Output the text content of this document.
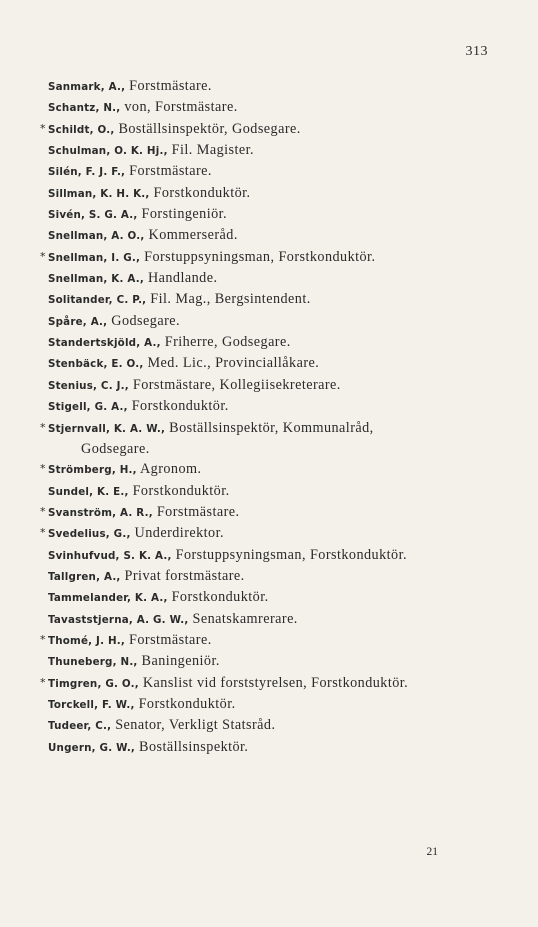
313
Sanmark, A., Forstmästare.
Schantz, N., von, Forstmästare.
* Schildt, O., Boställsinspektör, Godsegare.
Schulman, O. K. Hj., Fil. Magister.
Silén, F. J. F., Forstmästare.
Sillman, K. H. K., Forstkonduktör.
Sivén, S. G. A., Forstingeniör.
Snellman, A. O., Kommerseråd.
* Snellman, I. G., Forstuppsyningsman, Forstkonduktör.
Snellman, K. A., Handlande.
Solitander, C. P., Fil. Mag., Bergsintendent.
Spåre, A., Godsegare.
Standertskjöld, A., Friherre, Godsegare.
Stenbäck, E. O., Med. Lic., Provinciallåkare.
Stenius, C. J., Forstmästare, Kollegiisekreterare.
Stigell, G. A., Forstkonduktör.
* Stjernvall, K. A. W., Boställsinspektör, Kommunalråd,
Godsegare.
* Strömberg, H., Agronom.
Sundel, K. E., Forstkonduktör.
* Svanström, A. R., Forstmästare.
* Svedelius, G., Underdirektor.
Svinhufvud, S. K. A., Forstuppsyningsman, Forstkonduktör.
Tallgren, A., Privat forstmästare.
Tammelander, K. A., Forstkonduktör.
Tavaststjerna, A. G. W., Senatskamrerare.
* Thomé, J. H., Forstmästare.
Thuneberg, N., Baningeniör.
* Timgren, G. O., Kanslist vid forststyrelsen, Forstkonduktör.
Torckell, F. W., Forstkonduktör.
Tudeer, C., Senator, Verkligt Statsråd.
Ungern, G. W., Boställsinspektör.
21
